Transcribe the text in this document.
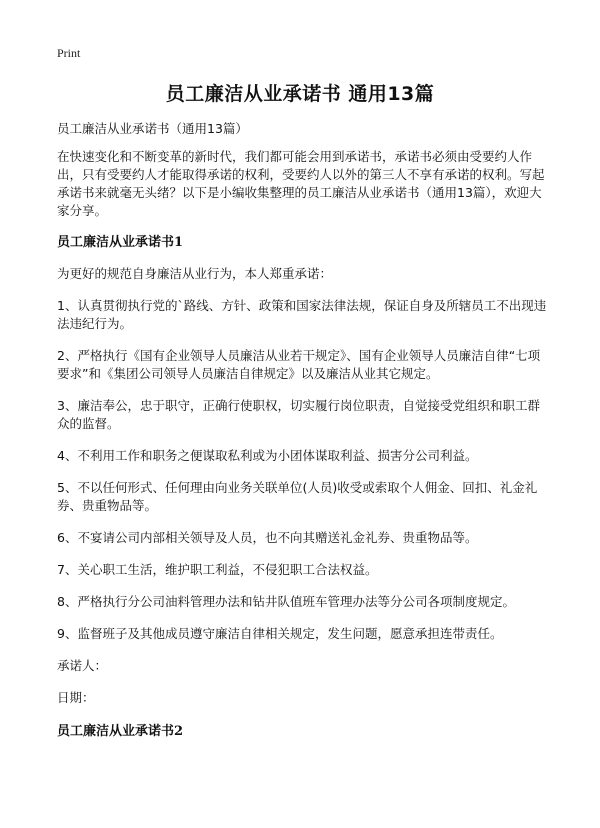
Print
员工廉洁从业承诺书 通用13篇

员工廉洁从业承诺书（通用13篇）

在快速变化和不断变革的新时代，我们都可能会用到承诺书，承诺书必须由受要约人作出，只有受要约人才能取得承诺的权利，受要约人以外的第三人不享有承诺的权利。写起承诺书来就毫无头绪？以下是小编收集整理的员工廉洁从业承诺书（通用13篇），欢迎大家分享。

员工廉洁从业承诺书1

为更好的规范自身廉洁从业行为，本人郑重承诺：

1、认真贯彻执行党的`路线、方针、政策和国家法律法规，保证自身及所辖员工不出现违法违纪行为。

2、严格执行《国有企业领导人员廉洁从业若干规定》、国有企业领导人员廉洁自律“七项要求”和《集团公司领导人员廉洁自律规定》以及廉洁从业其它规定。

3、廉洁奉公，忠于职守，正确行使职权，切实履行岗位职责，自觉接受党组织和职工群众的监督。

4、不利用工作和职务之便谋取私利或为小团体谋取利益、损害分公司利益。

5、不以任何形式、任何理由向业务关联单位(人员)收受或索取个人佣金、回扣、礼金礼券、贵重物品等。

6、不宴请公司内部相关领导及人员，也不向其赠送礼金礼券、贵重物品等。

7、关心职工生活，维护职工利益，不侵犯职工合法权益。

8、严格执行分公司油料管理办法和钻井队值班车管理办法等分公司各项制度规定。

9、监督班子及其他成员遵守廉洁自律相关规定，发生问题，愿意承担连带责任。

承诺人：

日期：

员工廉洁从业承诺书2
